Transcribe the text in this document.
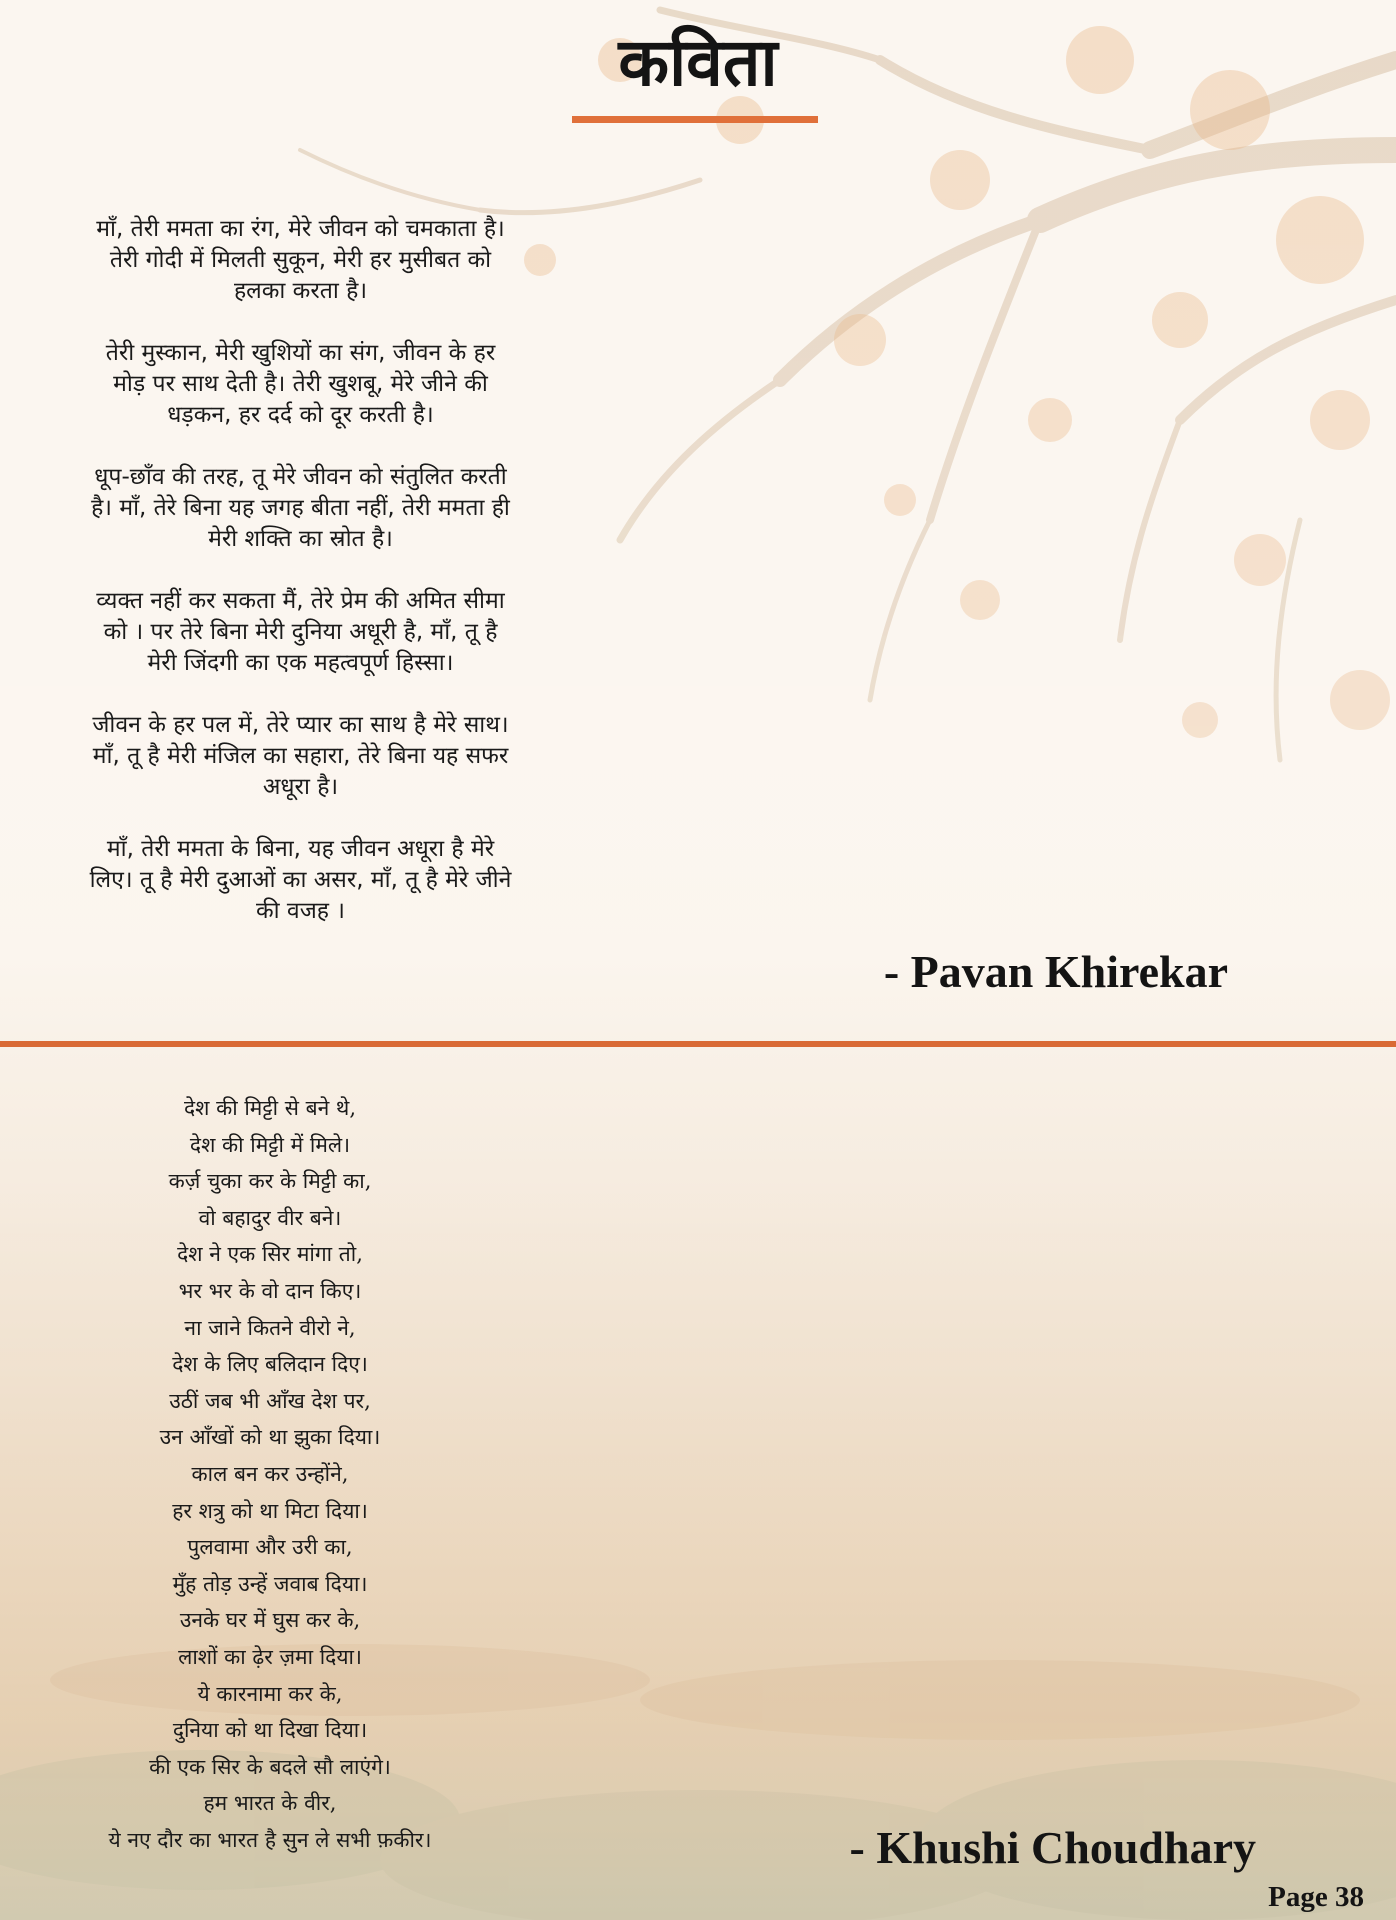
कविता

माँ, तेरी ममता का रंग, मेरे जीवन को चमकाता है।

तेरी गोदी में मिलती सुकून, मेरी हर मुसीबत को

हलका करता है।

तेरी मुस्कान, मेरी खुशियों का संग, जीवन के हर

मोड़ पर साथ देती है। तेरी खुशबू, मेरे जीने की

धड़कन, हर दर्द को दूर करती है।

धूप-छाँव की तरह, तू मेरे जीवन को संतुलित करती

है। माँ, तेरे बिना यह जगह बीता नहीं, तेरी ममता ही

मेरी शक्ति का स्रोत है।

व्यक्त नहीं कर सकता मैं, तेरे प्रेम की अमित सीमा

को । पर तेरे बिना मेरी दुनिया अधूरी है, माँ, तू है

मेरी जिंदगी का एक महत्वपूर्ण हिस्सा।

जीवन के हर पल में, तेरे प्यार का साथ है मेरे साथ।

माँ, तू है मेरी मंजिल का सहारा, तेरे बिना यह सफर

अधूरा है।

माँ, तेरी ममता के बिना, यह जीवन अधूरा है मेरे

लिए। तू है मेरी दुआओं का असर, माँ, तू है मेरे जीने

की वजह ।

- Pavan Khirekar

देश की मिट्टी से बने थे,

देश की मिट्टी में मिले।

कर्ज़ चुका कर के मिट्टी का,

वो बहादुर वीर बने।

देश ने एक सिर मांगा तो,

भर भर के वो दान किए।

ना जाने कितने वीरो ने,

देश के लिए बलिदान दिए।

उठीं जब भी आँख देश पर,

उन आँखों को था झुका दिया।

काल बन कर उन्होंने,

हर शत्रु को था मिटा दिया।

पुलवामा और उरी का,

मुँह तोड़ उन्हें जवाब दिया।

उनके घर में घुस कर के,

लाशों का ढ़ेर ज़मा दिया।

ये कारनामा कर के,

दुनिया को था दिखा दिया।

की एक सिर के बदले सौ लाएंगे।

हम भारत के वीर,

ये नए दौर का भारत है सुन ले सभी फ़कीर।	- Khushi Choudhary
Page 38
